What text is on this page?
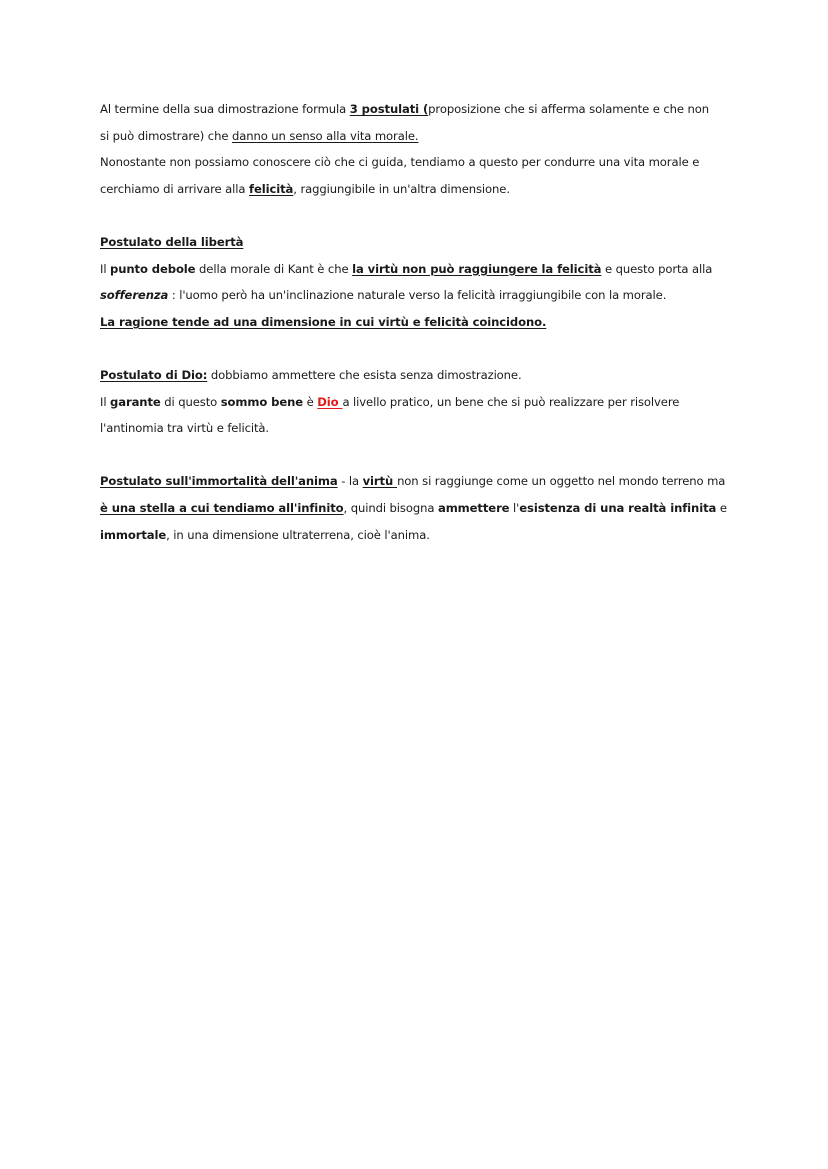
Al termine della sua dimostrazione formula 3 postulati (proposizione che si afferma solamente e che non
si può dimostrare) che danno un senso alla vita morale.
Nonostante non possiamo conoscere ciò che ci guida, tendiamo a questo per condurre una vita morale e
cerchiamo di arrivare alla felicità, raggiungibile in un'altra dimensione.
Postulato della libertà
Il punto debole della morale di Kant è che la virtù non può raggiungere la felicità e questo porta alla
sofferenza : l'uomo però ha un'inclinazione naturale verso la felicità irraggiungibile con la morale.
La ragione tende ad una dimensione in cui virtù e felicità coincidono.
Postulato di Dio: dobbiamo ammettere che esista senza dimostrazione.
Il garante di questo sommo bene è Dio a livello pratico, un bene che si può realizzare per risolvere
l'antinomia tra virtù e felicità.
Postulato sull'immortalità dell'anima - la virtù non si raggiunge come un oggetto nel mondo terreno ma
è una stella a cui tendiamo all'infinito, quindi bisogna ammettere l'esistenza di una realtà infinita e
immortale, in una dimensione ultraterrena, cioè l'anima.
